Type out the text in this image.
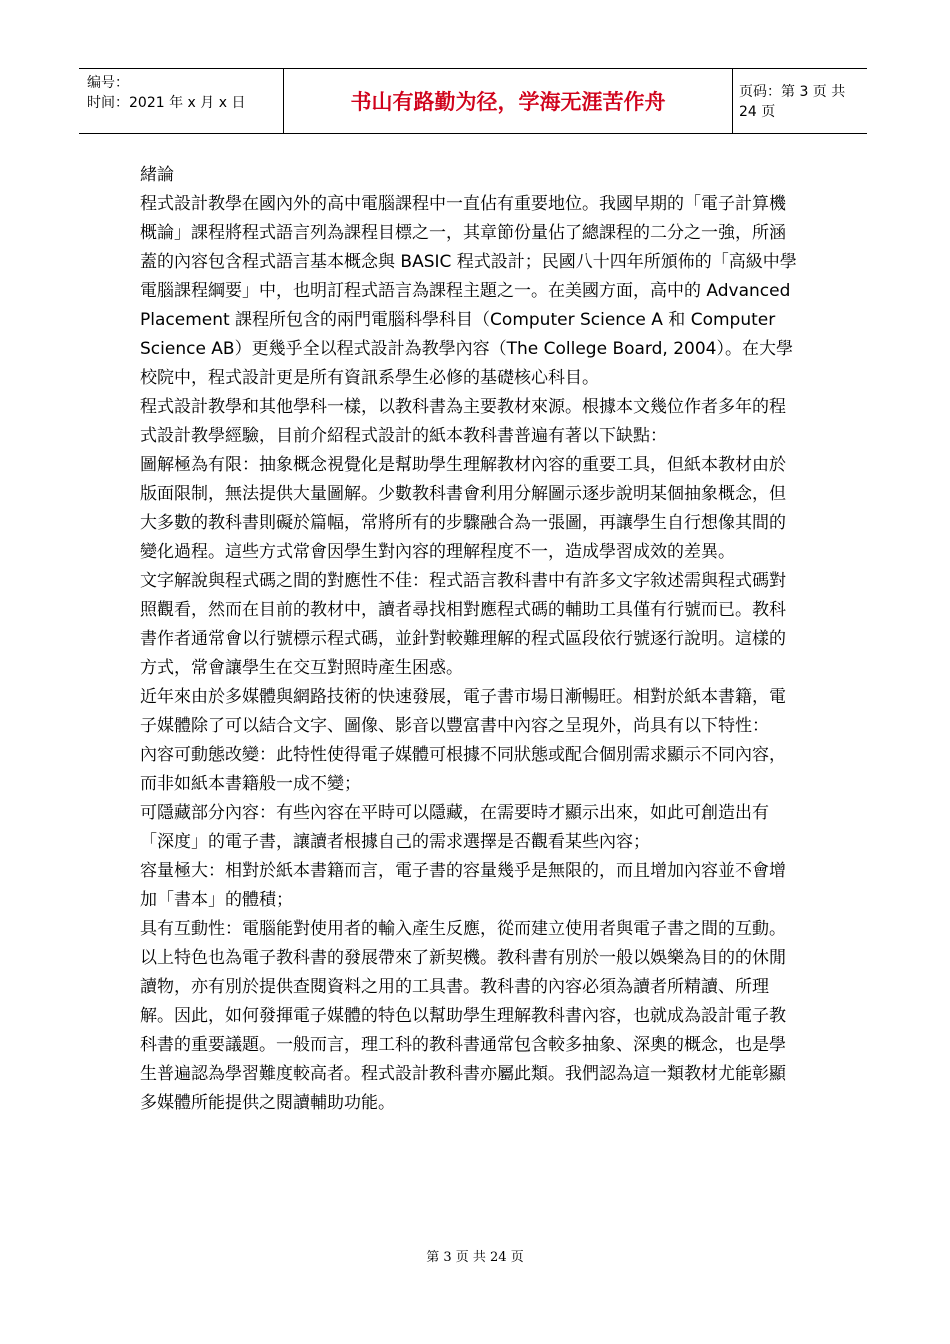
编号：
时间：2021 年 x 月 x 日	书山有路勤为径，学海无涯苦作舟	页码：第 3 页 共 24 页

緒論

程式設計教學在國內外的高中電腦課程中一直佔有重要地位。我國早期的「電子計算機概論」課程將程式語言列為課程目標之一，其章節份量佔了總課程的二分之一強，所涵蓋的內容包含程式語言基本概念與 BASIC 程式設計；民國八十四年所頒佈的「高級中學電腦課程綱要」中，也明訂程式語言為課程主題之一。在美國方面，高中的 Advanced Placement 課程所包含的兩門電腦科學科目（Computer Science A 和 Computer Science AB）更幾乎全以程式設計為教學內容（The College Board, 2004）。在大學校院中，程式設計更是所有資訊系學生必修的基礎核心科目。

程式設計教學和其他學科一樣，以教科書為主要教材來源。根據本文幾位作者多年的程式設計教學經驗，目前介紹程式設計的紙本教科書普遍有著以下缺點：

圖解極為有限：抽象概念視覺化是幫助學生理解教材內容的重要工具，但紙本教材由於版面限制，無法提供大量圖解。少數教科書會利用分解圖示逐步說明某個抽象概念，但大多數的教科書則礙於篇幅，常將所有的步驟融合為一張圖，再讓學生自行想像其間的變化過程。這些方式常會因學生對內容的理解程度不一，造成學習成效的差異。

文字解說與程式碼之間的對應性不佳：程式語言教科書中有許多文字敘述需與程式碼對照觀看，然而在目前的教材中，讀者尋找相對應程式碼的輔助工具僅有行號而已。教科書作者通常會以行號標示程式碼，並針對較難理解的程式區段依行號逐行說明。這樣的方式，常會讓學生在交互對照時產生困惑。

近年來由於多媒體與網路技術的快速發展，電子書市場日漸暢旺。相對於紙本書籍，電子媒體除了可以結合文字、圖像、影音以豐富書中內容之呈現外，尚具有以下特性：

內容可動態改變：此特性使得電子媒體可根據不同狀態或配合個別需求顯示不同內容，而非如紙本書籍般一成不變；

可隱藏部分內容：有些內容在平時可以隱藏，在需要時才顯示出來，如此可創造出有「深度」的電子書，讓讀者根據自己的需求選擇是否觀看某些內容；

容量極大：相對於紙本書籍而言，電子書的容量幾乎是無限的，而且增加內容並不會增加「書本」的體積；

具有互動性：電腦能對使用者的輸入產生反應，從而建立使用者與電子書之間的互動。

以上特色也為電子教科書的發展帶來了新契機。教科書有別於一般以娛樂為目的的休閒讀物，亦有別於提供查閱資料之用的工具書。教科書的內容必須為讀者所精讀、所理解。因此，如何發揮電子媒體的特色以幫助學生理解教科書內容，也就成為設計電子教科書的重要議題。一般而言，理工科的教科書通常包含較多抽象、深奧的概念，也是學生普遍認為學習難度較高者。程式設計教科書亦屬此類。我們認為這一類教材尤能彰顯多媒體所能提供之閱讀輔助功能。

第 3 页 共 24 页
